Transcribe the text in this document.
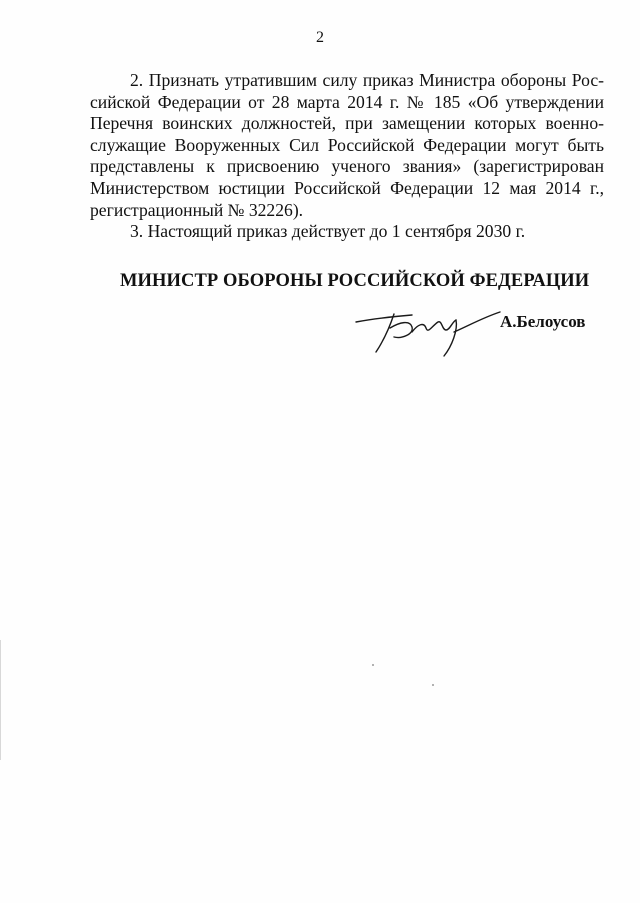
2
2. Признать утратившим силу приказ Министра обороны Рос-
сийской Федерации от 28 марта 2014 г. № 185 «Об утверждении
Перечня воинских должностей, при замещении которых военно-
служащие Вооруженных Сил Российской Федерации могут быть
представлены к присвоению ученого звания» (зарегистрирован
Министерством юстиции Российской Федерации 12 мая 2014 г.,
регистрационный № 32226).
3. Настоящий приказ действует до 1 сентября 2030 г.
МИНИСТР ОБОРОНЫ РОССИЙСКОЙ ФЕДЕРАЦИИ
А.Белоусов
